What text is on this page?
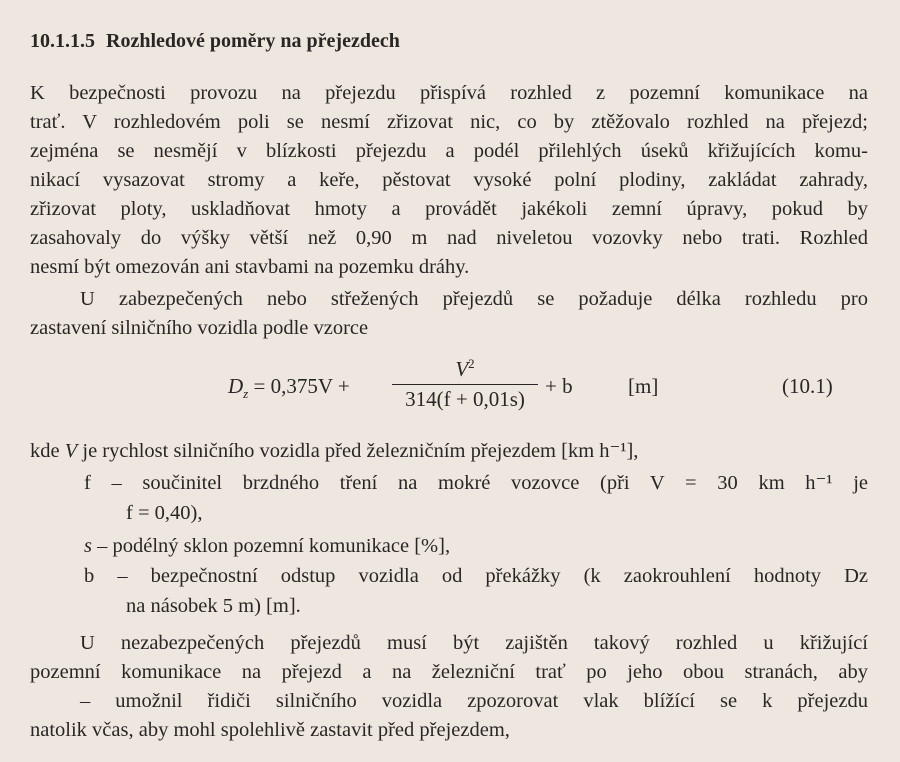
10.1.1.5 Rozhledové poměry na přejezdech
K bezpečnosti provozu na přejezdu přispívá rozhled z pozemní komunikace na
trať. V rozhledovém poli se nesmí zřizovat nic, co by ztěžovalo rozhled na přejezd;
zejména se nesmějí v blízkosti přejezdu a podél přilehlých úseků křižujících komu-
nikací vysazovat stromy a keře, pěstovat vysoké polní plodiny, zakládat zahrady,
zřizovat ploty, uskladňovat hmoty a provádět jakékoli zemní úpravy, pokud by
zasahovaly do výšky větší než 0,90 m nad niveletou vozovky nebo trati. Rozhled
nesmí být omezován ani stavbami na pozemku dráhy.
U zabezpečených nebo střežených přejezdů se požaduje délka rozhledu pro
zastavení silničního vozidla podle vzorce
$D_z = 0,375V$ +
$V^2$
314(f + 0,01s)
+ b	[m]	(10.1)
kde V je rychlost silničního vozidla před železničním přejezdem [km h⁻¹],
f – součinitel brzdného tření na mokré vozovce (při V = 30 km h⁻¹ je
f = 0,40),
s – podélný sklon pozemní komunikace [%],
b – bezpečnostní odstup vozidla od překážky (k zaokrouhlení hodnoty Dz
na násobek 5 m) [m].
U nezabezpečených přejezdů musí být zajištěn takový rozhled u křižující
pozemní komunikace na přejezd a na železniční trať po jeho obou stranách, aby
– umožnil řidiči silničního vozidla zpozorovat vlak blížící se k přejezdu
natolik včas, aby mohl spolehlivě zastavit před přejezdem,
